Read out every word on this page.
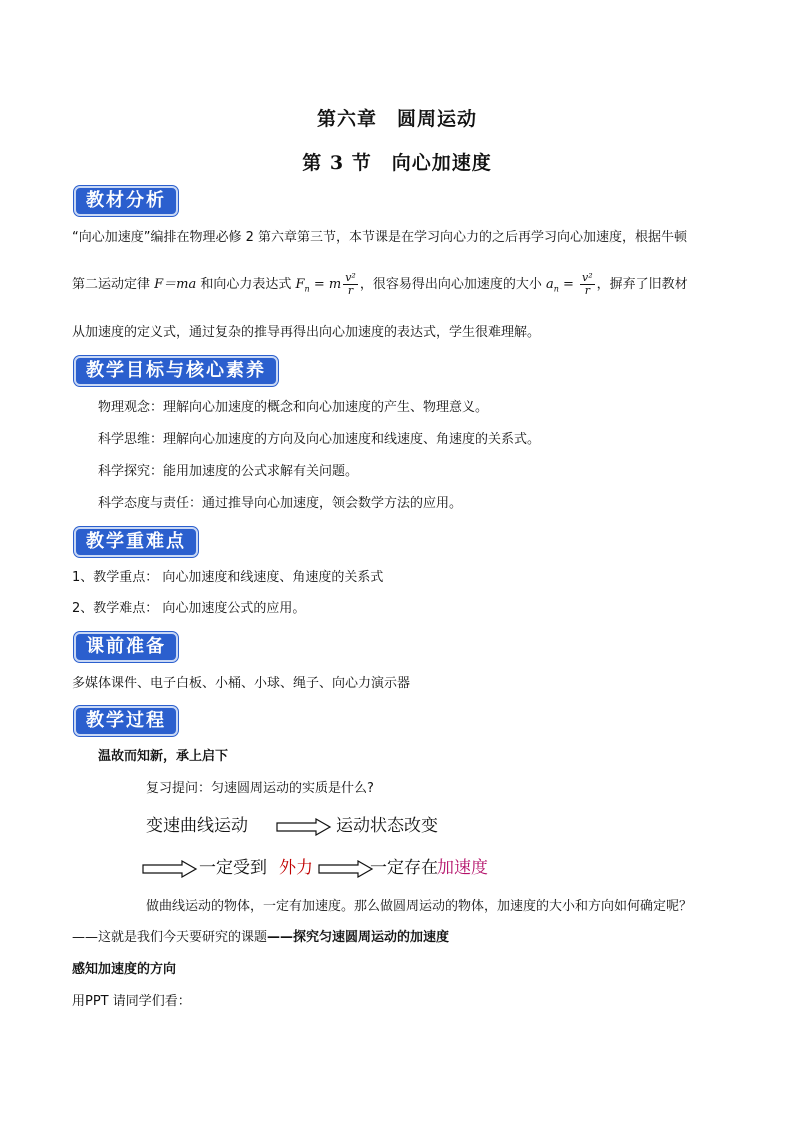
第六章　圆周运动
第 3 节　向心加速度
教材分析
“向心加速度”编排在物理必修 2 第六章第三节，本节课是在学习向心力的之后再学习向心加速度，根据牛顿
第二运动定律 F＝ma 和向心力表达式 $F_n = m \frac{\text{v²}}{r}$ ，很容易得出向心加速度的大小 $a_n = \frac{\text{v²}}{r}$ ，摒弃了旧教材
从加速度的定义式，通过复杂的推导再得出向心加速度的表达式，学生很难理解。
教学目标与核心素养
物理观念：理解向心加速度的概念和向心加速度的产生、物理意义。
科学思维：理解向心加速度的方向及向心加速度和线速度、角速度的关系式。
科学探究：能用加速度的公式求解有关问题。
科学态度与责任：通过推导向心加速度，领会数学方法的应用。
教学重难点
1、教学重点： 向心加速度和线速度、角速度的关系式
2、教学难点： 向心加速度公式的应用。
课前准备
多媒体课件、电子白板、小桶、小球、绳子、向心力演示器
教学过程
温故而知新，承上启下
复习提问：匀速圆周运动的实质是什么?
变速曲线运动	运动状态改变
一定受到 外力	一定存在 加速度
做曲线运动的物体，一定有加速度。那么做圆周运动的物体，加速度的大小和方向如何确定呢？
——这就是我们今天要研究的课题——探究匀速圆周运动的加速度
感知加速度的方向
用PPT 请同学们看：
